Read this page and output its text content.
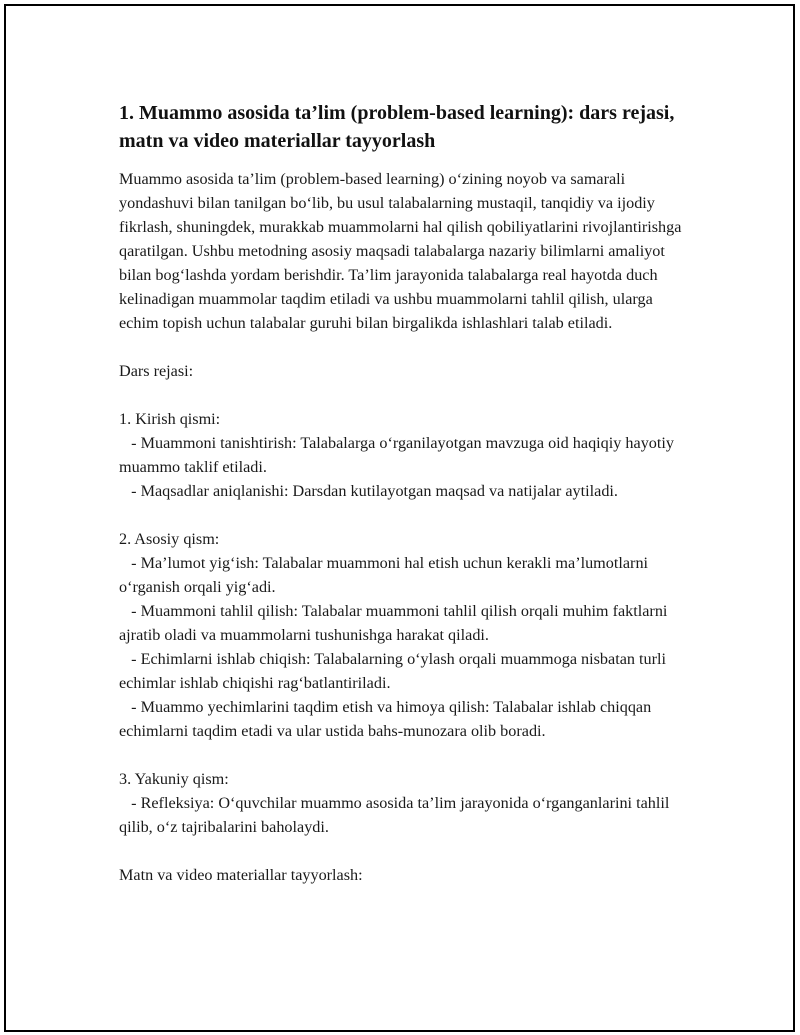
1. Muammo asosida ta’lim (problem-based learning): dars rejasi, matn va video materiallar tayyorlash

Muammo asosida ta’lim (problem-based learning) o‘zining noyob va samarali yondashuvi bilan tanilgan bo‘lib, bu usul talabalarning mustaqil, tanqidiy va ijodiy fikrlash, shuningdek, murakkab muammolarni hal qilish qobiliyatlarini rivojlantirishga qaratilgan. Ushbu metodning asosiy maqsadi talabalarga nazariy bilimlarni amaliyot bilan bog‘lashda yordam berishdir. Ta’lim jarayonida talabalarga real hayotda duch kelinadigan muammolar taqdim etiladi va ushbu muammolarni tahlil qilish, ularga echim topish uchun talabalar guruhi bilan birgalikda ishlashlari talab etiladi.

Dars rejasi:

1. Kirish qismi:

- Muammoni tanishtirish: Talabalarga o‘rganilayotgan mavzuga oid haqiqiy hayotiy muammo taklif etiladi.

- Maqsadlar aniqlanishi: Darsdan kutilayotgan maqsad va natijalar aytiladi.

2. Asosiy qism:

- Ma’lumot yig‘ish: Talabalar muammoni hal etish uchun kerakli ma’lumotlarni o‘rganish orqali yig‘adi.

- Muammoni tahlil qilish: Talabalar muammoni tahlil qilish orqali muhim faktlarni ajratib oladi va muammolarni tushunishga harakat qiladi.

- Echimlarni ishlab chiqish: Talabalarning o‘ylash orqali muammoga nisbatan turli echimlar ishlab chiqishi rag‘batlantiriladi.

- Muammo yechimlarini taqdim etish va himoya qilish: Talabalar ishlab chiqqan echimlarni taqdim etadi va ular ustida bahs-munozara olib boradi.

3. Yakuniy qism:

- Refleksiya: O‘quvchilar muammo asosida ta’lim jarayonida o‘rganganlarini tahlil qilib, o‘z tajribalarini baholaydi.

Matn va video materiallar tayyorlash:
